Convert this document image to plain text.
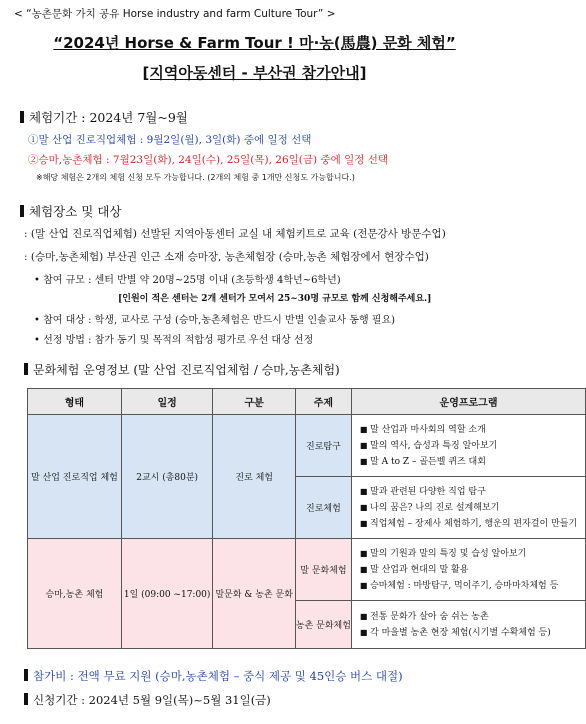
< “농촌문화 가치 공유 Horse industry and farm Culture Tour” >
“2024년 Horse & Farm Tour ! 마·농(馬農) 문화 체험”
[지역아동센터 - 부산권 참가안내]
체험기간 : 2024년 7월~9월
①말 산업 진로직업체험 : 9월2일(월), 3일(화) 중에 일정 선택
②승마,농촌체험 : 7월23일(화), 24일(수), 25일(목), 26일(금) 중에 일정 선택
※해당 체험은 2개의 체험 신청 모두 가능합니다. (2개의 체험 중 1개만 신청도 가능합니다.)
체험장소 및 대상
: (말 산업 진로직업체험) 선발된 지역아동센터 교실 내 체험키트로 교육 (전문강사 방문수업)
: (승마,농촌체험) 부산권 인근 소재 승마장, 농촌체험장 (승마,농촌 체험장에서 현장수업)
• 참여 규모 : 센터 반별 약 20명~25명 이내 (초등학생 4학년~6학년)
[인원이 적은 센터는 2개 센터가 모여서 25~30명 규모로 함께 신청해주세요.]
• 참여 대상 : 학생, 교사로 구성 (승마,농촌체험은 반드시 반별 인솔교사 동행 필요)
• 선정 방법 : 참가 동기 및 목적의 적합성 평가로 우선 대상 선정
문화체험 운영정보 (말 산업 진로직업체험 / 승마,농촌체험)
형태	일정	구분	주제	운영프로그램
말 산업 진로직업 체험	2교시 (총80분)	진로 체험	진로탐구	■ 말 산업과 마사회의 역할 소개
■ 말의 역사, 습성과 특징 알아보기
■ 말 A to Z – 골든벨 퀴즈 대회

			진로체험	■ 말과 관련된 다양한 직업 탐구
■ 나의 꿈은? 나의 진로 설계해보기
■ 직업체험 – 장제사 체험하기, 행운의 편자걸이 만들기

승마,농촌 체험	1일 (09:00 ~17:00)	말문화 & 농촌 문화	말 문화체험	■ 말의 기원과 말의 특징 및 습성 알아보기
■ 말 산업과 현대의 말 활용
■ 승마체험 : 마방탐구, 먹이주기, 승마마차체험 등

			농촌 문화체험	■ 전통 문화가 살아 숨 쉬는 농촌
■ 각 마을별 농촌 현장 체험(시기별 수확체험 등)
참가비 : 전액 무료 지원 (승마,농촌체험 – 중식 제공 및 45인승 버스 대절)
신청기간 : 2024년 5월 9일(목)~5월 31일(금)
